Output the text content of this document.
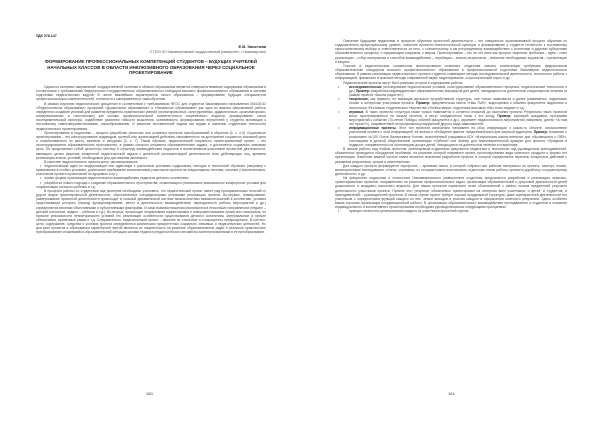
УДК 378.147
Е.В. Хвостова
© ГБОУ ВО Нижневартовский государственный университет, г. Нижневартовск
ФОРМИРОВАНИЕ ПРОФЕССИОНАЛЬНЫХ КОМПЕТЕНЦИЙ СТУДЕНТОВ – БУДУЩИХ УЧИТЕЛЕЙ НАЧАЛЬНЫХ КЛАССОВ В ОБЛАСТИ ИНКЛЮЗИВНОГО ОБРАЗОВАНИЯ ЧЕРЕЗ СОЦИАЛЬНОЕ ПРОЕКТИРОВАНИЕ

Одним из основных направлений государственной политики в области образования является совершенствование содержания образования в соответствии с требованиями Федерального государственного образовательного стандарта высшего профессионального образования в системе подготовки педагогических кадров. В числе важнейших характеристик такого образования – формирование будущих специалистов профессиональных компетентностей, готовности к саморазвитию и самообучению.

В рамках изучения педагогических дисциплин в соответствии с требованиями ФГОС для студентов бакалавриата направления 050100.62 «Педагогическое образование» профилей «Дошкольное образование» и «Начальное образование» как одно из важных направлений работы определено создание условий для развития предметно-практических умений (проектировочных, конструктивных, дидактических, организаторских, коммуникативных и гностических) как основы профессиональной компетентности современного педагога, формирование основ исследовательской культуры, содействие развитию гибкости мышления, креативности, формированию внутренней у студента мотивации к постоянному самосовершенствованию, самообразованию. И решение поставленной задачи мы видим в освоении студентами технологии педагогического проектирования.

Проектирование в педагогике – процесс разработки реальных или условных проектов преобразований в обучении [4, с. 4.0]. Социальное проектирование – это конструирование индивидом, группой или организацией действия, направленного на достижение социально значимой цели и локализованного по месту, времени и ресурсам [3, с. 7]. Таким образом, педагогический социально ориентированный проект – это сконструированное образовательное пространство, в рамках которого решаются образовательные задачи, и достигается социально значимая цель. Он представляет собой целостную систему и структуру взаимодействия педагогов и воспитанников-участников проектной деятельности, имеющего целью решение конкретной педагогической задачи с детальной регламентацией деятельности всех действующих лиц, времени реализации этапов, условий, необходимых для достижения желаемого.

В качестве педагогического проекта могут рассматриваться:

• педагогические идеи по модернизации или адаптации к различным условиям содержания, методов и технологий обучения (например к применению в особых условиях: длительное пребывание воспитанников-участников проекта на стационарном лечении, наличие у воспитанников-участников проекта ограничений по здоровью и пр.);
• новые формы организации педагогического взаимодействия педагогов детского коллектива;
• разработка нового подхода к созданию образовательного пространства, позволяющего реализовать максимально комфортные условия для социализации личности ребенка и т.д.

В процессе работы со студентами над проектом необходимо учитывать, что педагогический проект имеет ряд принципиальных отличий от других видов проектировочной деятельности, обусловленных специфическими условиями реализации проекта. Во-первых, планирование, развертывание проектной деятельности происходит в сложной динамической системе межличностных взаимоотношений в коллективе, условия существования которого (период функционирования, место и длительность взаимодействия, периодичность работы мероприятий и др.) определяются многими объективными и субъективными факторами. И сами взаимоотношения реализуются в нескольких направлениях (педагог – детский коллектив, педагог – ребенок и т.д.). Во-вторых, происходит непрерывная корректировка и совершенствование проектного материала, по причине уникальности неповторимости условий его реализации особенности существования детского коллектива, материальные и прочие обеспечения, временные рамки и т.д. Следовательно, педагогический проект – явление не статичное и стопроцентно предсказуемое. В-третьих, цели, содержание, средства и условия проекта определяются комплексом приоритетных социально значимых и педагогических ценностей. Но для всех проектов в образовании характерной чертой является их нацеленность на решение образовательных задач и реальное практическое преобразование сложившейся образовательной ситуации силами педагога (педагогического ансамбля) заинтересованными в ее преобразовании.

160

Освоение будущими педагогами в процессе обучения проектной деятельности – это специально организованный процесс обучения по содержательно-процессуальному уровню, освоение проектно-технологической культуры и формирование у студента готовности к осознанному самостоятельному выбору и ответственности за него, к сознательному и им регулируемому взаимодействию с коллегами и другими субъектами образовательного процесса, с окружающим социумом, с миром. Проектирование – это ни что иное как процесс творения: проблема – идея – план реализации – отбор материалов и способов взаимодействия – апробация – анализ результатов – внесение необходимых корректив – презентация и защита.

Участие в педагогическом социальном проектировании позволяет студентам освоить компетенции требуемые федеральным образовательным стандартом высшего профессионального образования в профессиональной подготовке бакалавров педагогического образования. В рамках реализации педагогического проекта студенты совмещают методы исследовательской деятельности, технологию работы с информацией, применяют в практике методы современной науки: моделирование, социологический опрос и др.

Педагогические проекты могут быть разными по цели и содержанию работы:

• исследовательские (исследование педагогических условий, конструирование образовательного процесса, педагогические технологии и др.) Пример: разработка индивидуальных образовательных маршрутов для детей, находящихся на длительном стационарном лечении (в рамках проекта «Школа радости»);
• творческие, как правило, не имеющие детально проработанной структуры, она только намечается и далее развивается, подчиняясь логике и интересам участников проекта. Пример: факультетская газета «Наш ПиП», видеофильм к юбилею факультета педагогики и психологии, Фестиваль студенческого творчества «Улыбки мира», подготовка выставки «Мы точно видим» и т.д.;
• игровые. В таких проектах структура также только намечается и остается открытой до окончания проекта. Результаты таких проектов могут прогнозироваться на начале проекта, а могут определяться лишь к его концу. Пример: сценарий праздника, программа мероприятий к событию (70-летие Победы, юбилей факультета и др.), фрагмент педагогического мероприятия (например, диспут «А нам это нужно?»), направленный на профилактику нарушений другого вида зависимостей;
• информационные проекты. Этот тип проектов изначально направлен на сбор информации о каком-то объекте, ознакомление участников проекта с этой информацией, ее анализ и обобщение фактов, предназначенных для широкой аудитории. Пример: Альманах о космонавте №100 Олеге Валерьевиче Котове, выполненный учащимися КОУ «Излучинская школа-интернат для обучающихся с ОВЗ», состоящими в детской общественной организации «Орбита» или баннер для благотворительной ярмарки для проекта «Праздник в подарок», направленного на организацию досуга детей, находящихся на длительном лечении в стационаре.

В начале работы над любым проектом, реализуемым студентами факультета педагогики и психологии под руководством преподавателей, обязательно проводится обсуждение проблемы, на решение которой направлен проект, прогнозирования вида конечного продукта и формы его презентации. Наиболее важной частью плана является поэтапная разработка проекта, в которой определяется перечень конкретных действий с указанием результатов, сроков и ответственных.

Для каждого проекта формируется портфолио – архивная папка, в которой собраны все рабочие материалы по проекту: паспорт, планы, мониторинговые исследования, отчеты, черновики, по которым можно восстановить отдельные этапы работы, провести доработку и корректировку деятельности, и др.

На факультете педагогики и психологии Нижневартовского университета студентам предлагается разработка и реализация практико-ориентированных проектов, направленных на решение профессиональных задач: организация образовательной и досуговой деятельности детей дошкольного и младшего школьного возраста. Для наших проектов характерен четко обозначенный с самого начала предметный результат деятельности участников проекта. Причем этот результат обязательно ориентирован на интересы всех участников: и детей, и студентов, и преподавателей – руководителей проектов. В таком случае проект требует хорошо продуманной структуры, даже сценария всей деятельности его участников с определением функций каждого из них, четких выходов и участия каждого в оформлении конечного результата. Здесь особенно важна хорошая организация координационной работы. В организации образовательного взаимодействия преподавателя и студентов в освоении индивидуального и коллективного проектирования необходимо руководствоваться следующими принципами:

• принцип личностно-целеполагания каждого из участников проектной группы;
161
